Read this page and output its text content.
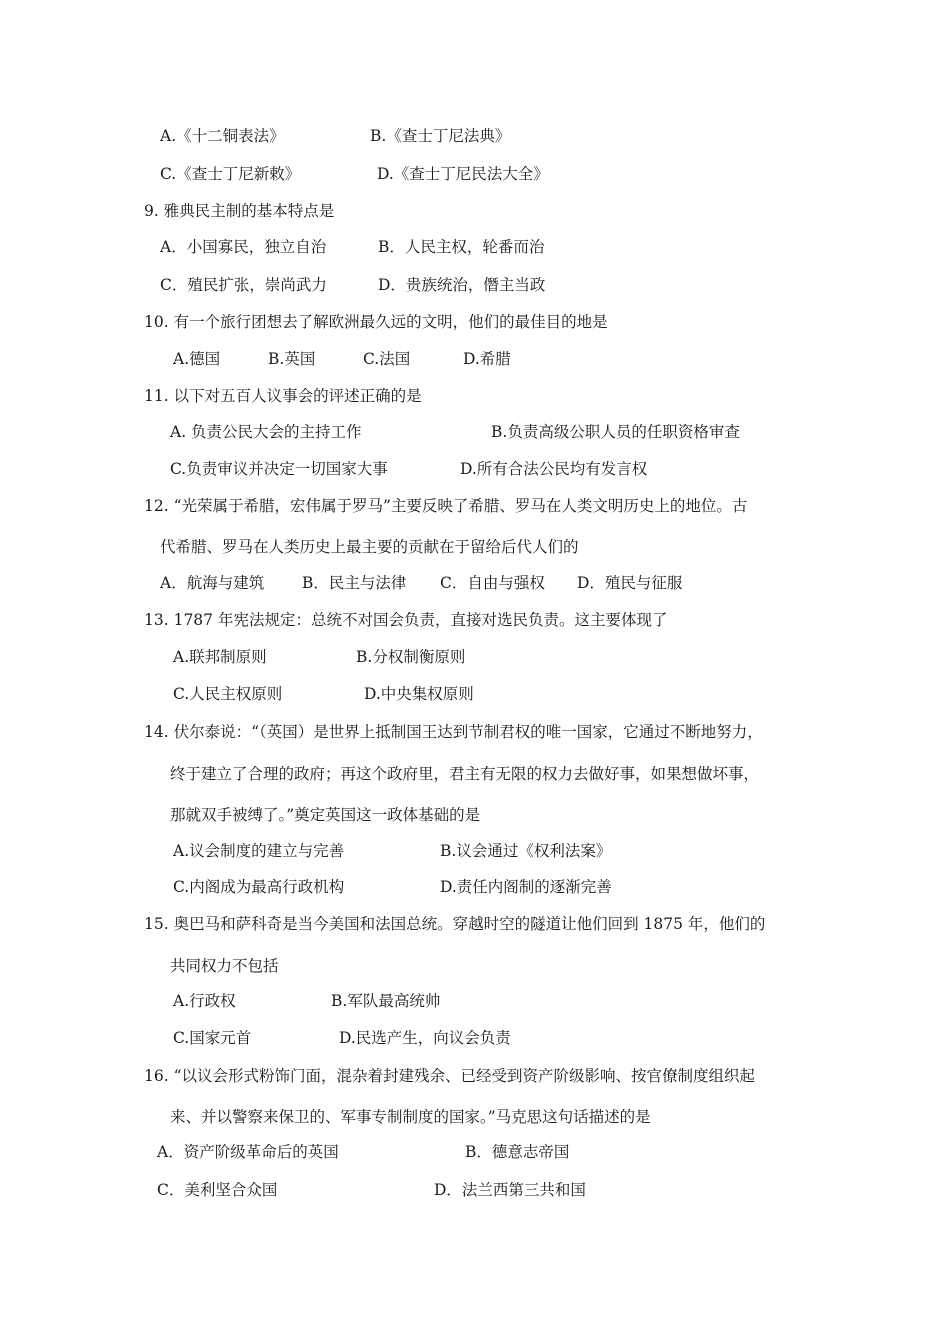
A.《十二铜表法》	B.《查士丁尼法典》
C.《查士丁尼新敕》	D.《查士丁尼民法大全》
9. 雅典民主制的基本特点是
A．小国寡民，独立自治	B．人民主权，轮番而治
C．殖民扩张，崇尚武力	D．贵族统治，僭主当政
10. 有一个旅行团想去了解欧洲最久远的文明，他们的最佳目的地是
A.德国	B.英国	C.法国	D.希腊
11. 以下对五百人议事会的评述正确的是
A. 负责公民大会的主持工作	B.负责高级公职人员的任职资格审查
C.负责审议并决定一切国家大事	D.所有合法公民均有发言权
12. “光荣属于希腊，宏伟属于罗马”主要反映了希腊、罗马在人类文明历史上的地位。古
代希腊、罗马在人类历史上最主要的贡献在于留给后代人们的
A．航海与建筑 B．民主与法律 C．自由与强权 D．殖民与征服
13. 1787 年宪法规定：总统不对国会负责，直接对选民负责。这主要体现了
A.联邦制原则	B.分权制衡原则
C.人民主权原则	D.中央集权原则
14. 伏尔泰说：“（英国）是世界上抵制国王达到节制君权的唯一国家，它通过不断地努力，
终于建立了合理的政府；再这个政府里，君主有无限的权力去做好事，如果想做坏事，
那就双手被缚了。”奠定英国这一政体基础的是
A.议会制度的建立与完善	B.议会通过《权利法案》
C.内阁成为最高行政机构	D.责任内阁制的逐渐完善
15. 奥巴马和萨科奇是当今美国和法国总统。穿越时空的隧道让他们回到 1875 年，他们的
共同权力不包括
A.行政权	B.军队最高统帅
C.国家元首	D.民选产生，向议会负责
16. “以议会形式粉饰门面，混杂着封建残余、已经受到资产阶级影响、按官僚制度组织起
来、并以警察来保卫的、军事专制制度的国家。”马克思这句话描述的是
A．资产阶级革命后的英国	B．德意志帝国
C．美利坚合众国	D．法兰西第三共和国
